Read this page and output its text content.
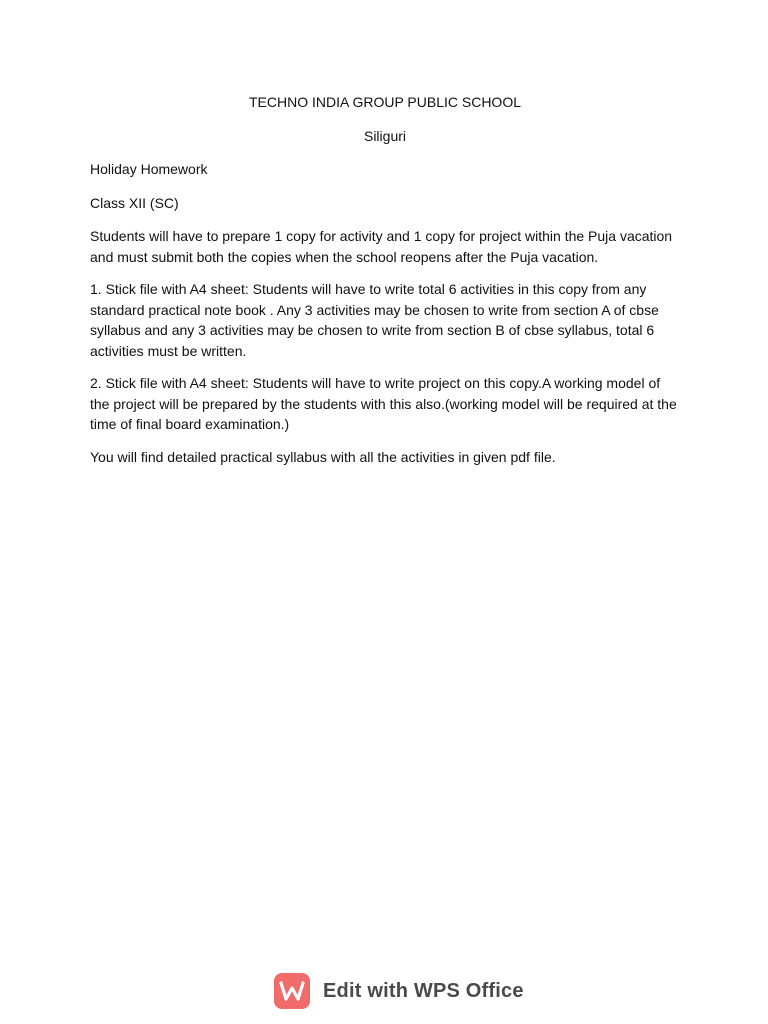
TECHNO INDIA GROUP PUBLIC SCHOOL

Siliguri

Holiday Homework

Class XII (SC)

Students will have to prepare 1 copy for activity and 1 copy for project within the Puja vacation and must submit both the copies when the school reopens after the Puja vacation.

1. Stick file with A4 sheet: Students will have to write total 6 activities in this copy from any standard practical note book . Any 3 activities may be chosen to write from section A of cbse syllabus and any 3 activities may be chosen to write from section B of cbse syllabus, total 6 activities must be written.

2. Stick file with A4 sheet: Students will have to write project on this copy.A working model of the project will be prepared by the students with this also.(working model will be required at the time of final board examination.)

You will find detailed practical syllabus with all the activities in given pdf file.

Edit with WPS Office
